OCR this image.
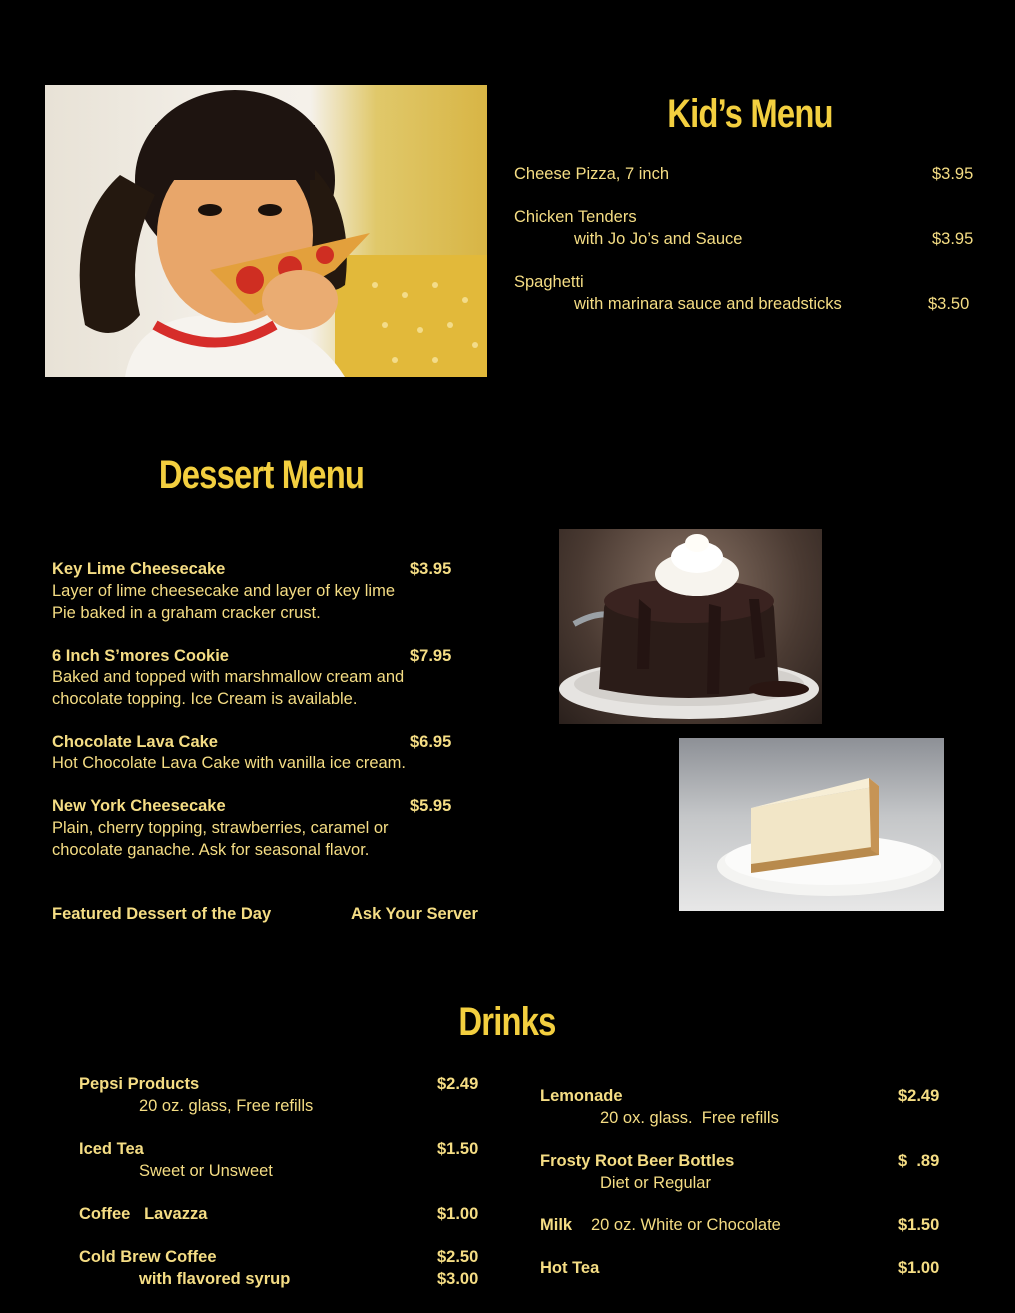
Kid’s Menu
Cheese Pizza, 7 inch	$3.95
Chicken Tenders
with Jo Jo’s and Sauce	$3.95
Spaghetti
with marinara sauce and breadsticks	$3.50
Dessert Menu
Key Lime Cheesecake	$3.95
Layer of lime cheesecake and layer of key lime
Pie baked in a graham cracker crust.
6 Inch S’mores Cookie	$7.95
Baked and topped with marshmallow cream and
chocolate topping. Ice Cream is available.
Chocolate Lava Cake	$6.95
Hot Chocolate Lava Cake with vanilla ice cream.
New York Cheesecake	$5.95
Plain, cherry topping, strawberries, caramel or
chocolate ganache. Ask for seasonal flavor.
Featured Dessert of the Day	Ask Your Server
Drinks
Pepsi Products	$2.49
20 oz. glass, Free refills
Iced Tea	$1.50
Sweet or Unsweet
Coffee   Lavazza	$1.00
Cold Brew Coffee	$2.50
with flavored syrup	$3.00
Lemonade	$2.49
20 ox. glass.  Free refills
Frosty Root Beer Bottles	$  .89
Diet or Regular
Milk 20 oz. White or Chocolate	$1.50
Hot Tea	$1.00
